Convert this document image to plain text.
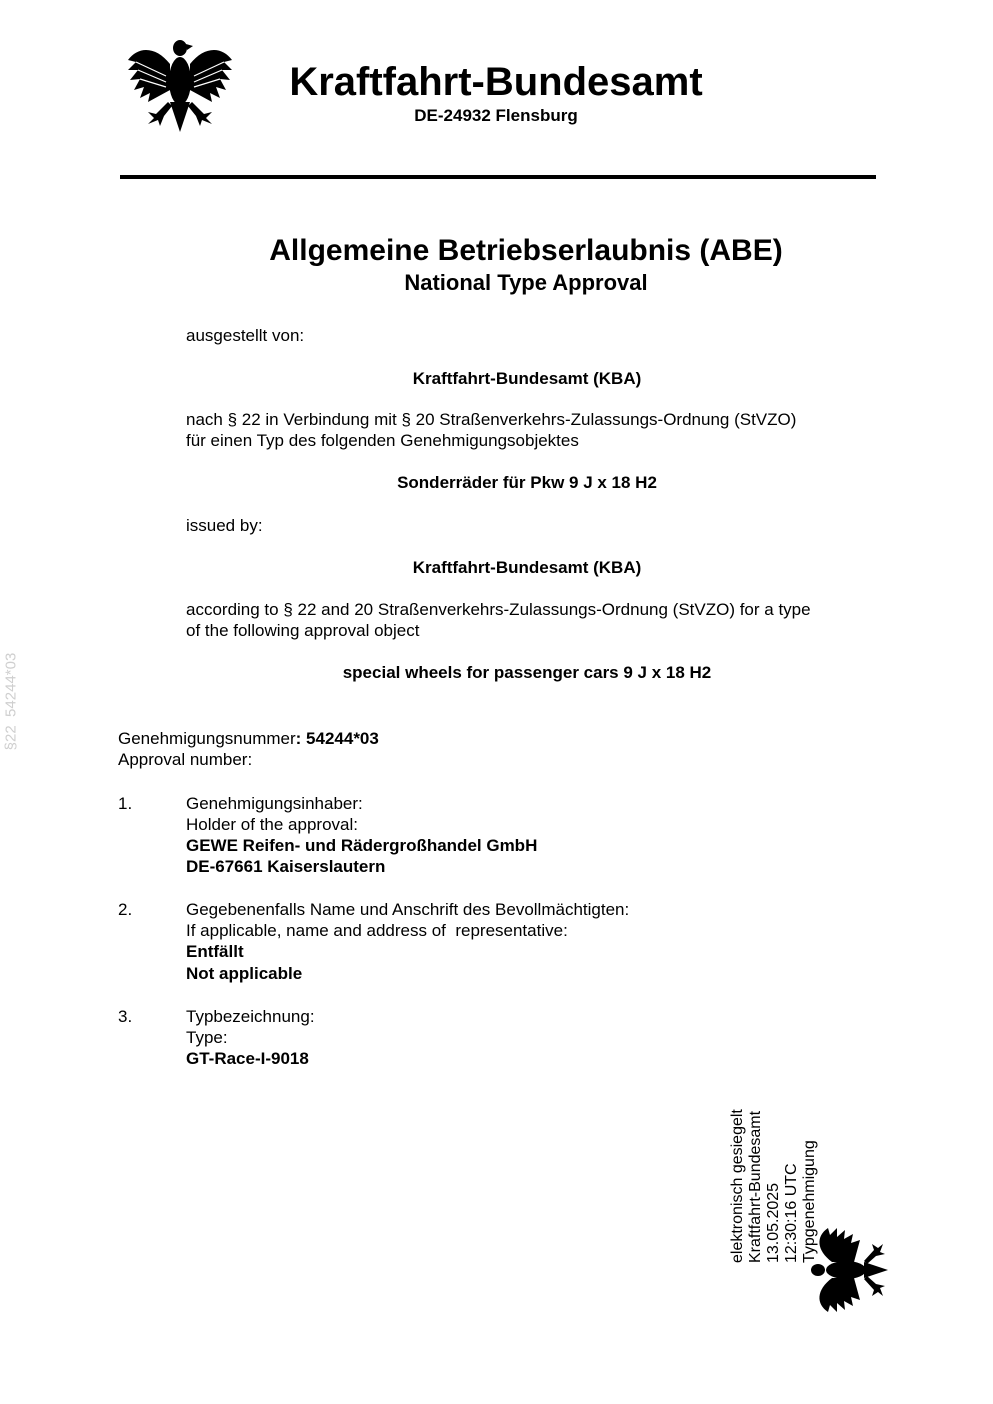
Kraftfahrt-Bundesamt
DE-24932 Flensburg
Allgemeine Betriebserlaubnis (ABE)
National Type Approval
ausgestellt von:
Kraftfahrt-Bundesamt (KBA)
nach § 22 in Verbindung mit § 20 Straßenverkehrs-Zulassungs-Ordnung (StVZO)
für einen Typ des folgenden Genehmigungsobjektes
Sonderräder für Pkw 9 J x 18 H2
issued by:
Kraftfahrt-Bundesamt (KBA)
according to § 22 and 20 Straßenverkehrs-Zulassungs-Ordnung (StVZO) for a type
of the following approval object
special wheels for passenger cars 9 J x 18 H2
§22  54244*03	Genehmigungsnummer: 54244*03
Approval number:
1.	Genehmigungsinhaber:
Holder of the approval:
GEWE Reifen- und Rädergroßhandel GmbH
DE-67661 Kaiserslautern
2.	Gegebenenfalls Name und Anschrift des Bevollmächtigten:
If applicable, name and address of  representative:
Entfällt
Not applicable
3.	Typbezeichnung:
Type:
GT-Race-I-9018
elektronisch gesiegelt Kraftfahrt-Bundesamt 13.05.2025 12:30:16 UTC Typgenehmigung
